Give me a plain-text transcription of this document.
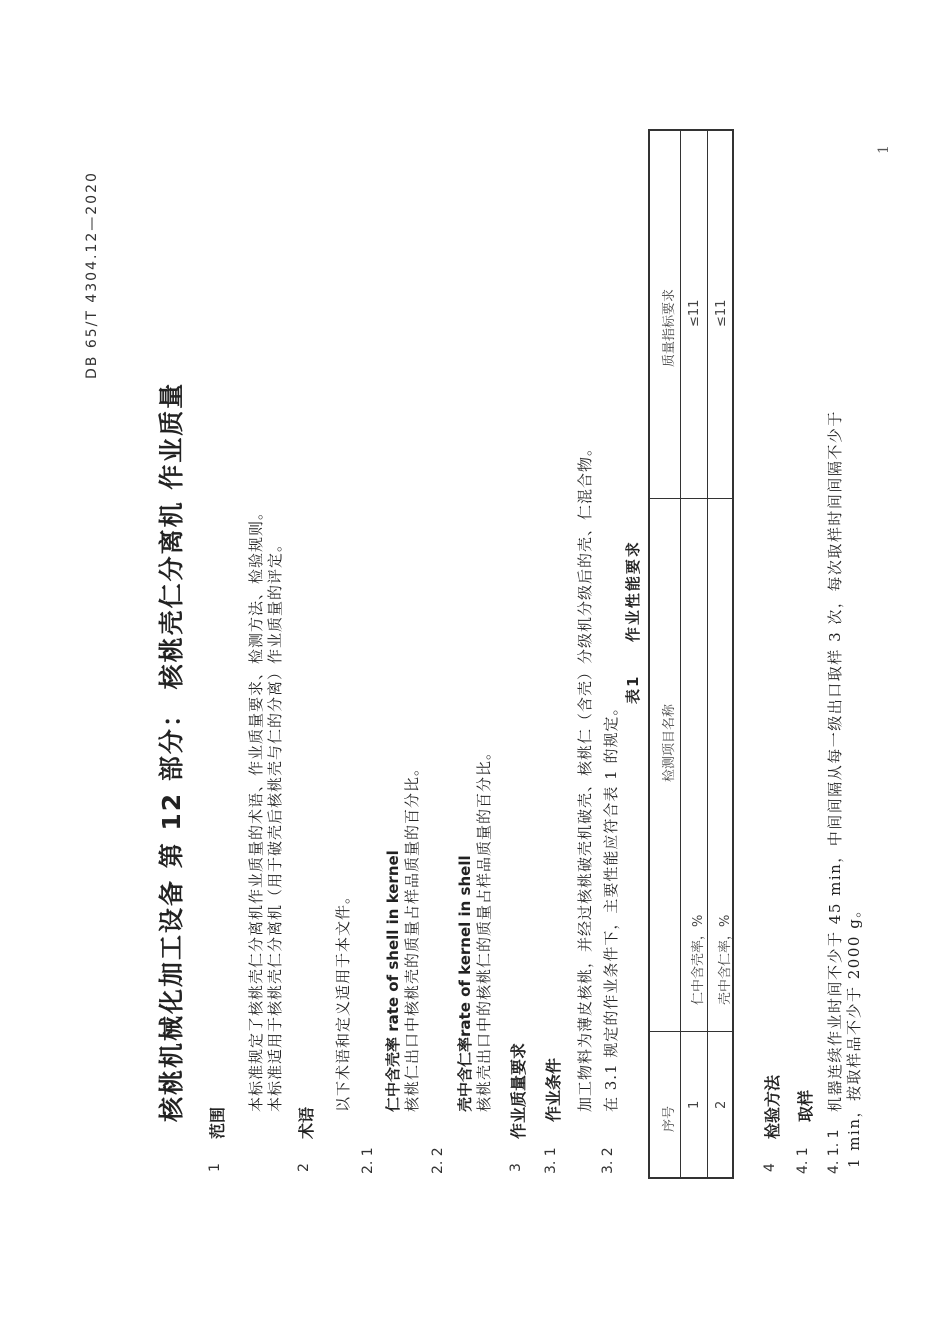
DB 65/T 4304.12—2020
1
核桃机械化加工设备 第 12 部分： 核桃壳仁分离机 作业质量
1
范围
本标准规定了核桃壳仁分离机作业质量的术语、作业质量要求、检测方法、检验规则。 本标准适用于核桃壳仁分离机（用于破壳后核桃壳与仁的分离）作业质量的评定。
2
术语
以下术语和定义适用于本文件。
2. 1
仁中含壳率 rate of shell in kernel 核桃仁出口中核桃壳的质量占样品质量的百分比。
2. 2
壳中含仁率rate of kernel in shell 核桃壳出口中的核桃仁的质量占样品质量的百分比。
3
作业质量要求
3. 1
作业条件 加工物料为薄皮核桃，并经过核桃破壳机破壳、核桃仁（含壳）分级机分级后的壳、仁混合物。
3. 2
在 3.1 规定的作业条件下，主要性能应符合表 1 的规定。
表1  作业性能要求
序号
检测项目名称
质量指标要求
1
仁中含壳率，%
≤11
2
壳中含仁率，%
≤11
4
检验方法
4. 1
取样
4. 1. 1
机器连续作业时间不少于 45 min，中间间隔从每一级出口取样 3 次，每次取样时间间隔不少于 1 min，按取样品不少于 2000 g。
